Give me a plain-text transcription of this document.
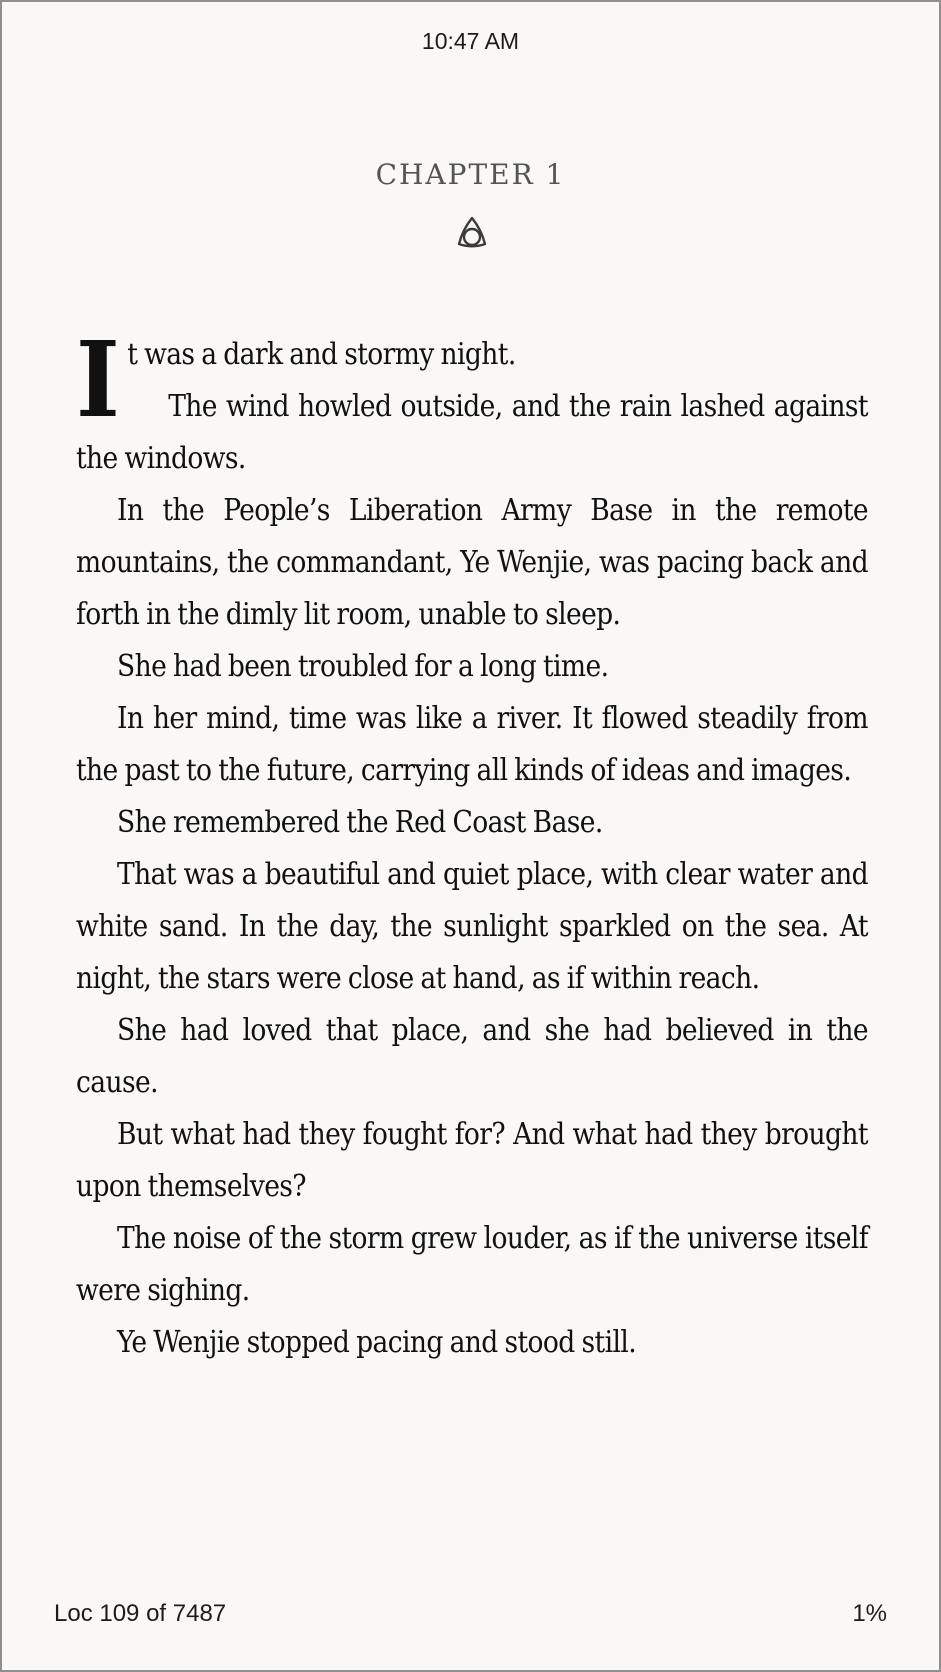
10:47 AM
CHAPTER 1

It was a dark and stormy night.

The wind howled outside, and the rain lashed against the windows.

In the People’s Liberation Army Base in the remote mountains, the commandant, Ye Wenjie, was pacing back and forth in the dimly lit room, unable to sleep.

She had been troubled for a long time.

In her mind, time was like a river. It flowed steadily from the past to the future, carrying all kinds of ideas and images.

She remembered the Red Coast Base.

That was a beautiful and quiet place, with clear water and white sand. In the day, the sunlight sparkled on the sea. At night, the stars were close at hand, as if within reach.

She had loved that place, and she had believed in the cause.

But what had they fought for? And what had they brought upon themselves?

The noise of the storm grew louder, as if the universe itself were sighing.

Ye Wenjie stopped pacing and stood still.

Loc 109 of 7487	1%
